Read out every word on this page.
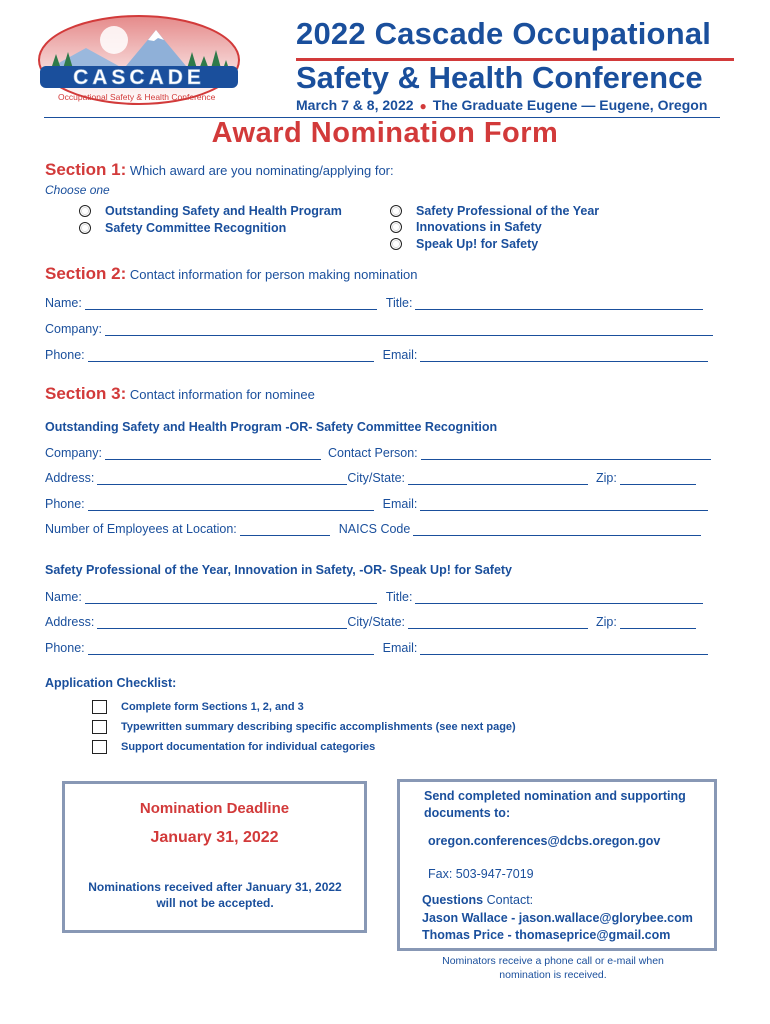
CASCADE
Occupational Safety & Health Conference
2022 Cascade Occupational
Safety & Health Conference
March 7 & 8, 2022 ● The Graduate Eugene — Eugene, Oregon
Award Nomination Form
Section 1: Which award are you nominating/applying for:
Choose one
Outstanding Safety and Health Program
Safety Committee Recognition
Safety Professional of the Year
Innovations in Safety
Speak Up! for Safety
Section 2: Contact information for person making nomination
Name:	Title:
Company:
Phone:	Email:
Section 3: Contact information for nominee
Outstanding Safety and Health Program -OR- Safety Committee Recognition
Company:	Contact Person:
Address:	City/State:	Zip:
Phone:	Email:
Number of Employees at Location:	NAICS Code
Safety Professional of the Year, Innovation in Safety, -OR- Speak Up! for Safety
Name:	Title:
Address:	City/State:	Zip:
Phone:	Email:
Application Checklist:
Complete form Sections 1, 2, and 3
Typewritten summary describing specific accomplishments (see next page)
Support documentation for individual categories
Nomination Deadline
January 31, 2022
Nominations received after January 31, 2022 will not be accepted.
Send completed nomination and supporting documents to:
oregon.conferences@dcbs.oregon.gov
Fax: 503-947-7019
Questions Contact:
Jason Wallace - jason.wallace@glorybee.com
Thomas Price - thomaseprice@gmail.com
Nominators receive a phone call or e-mail when nomination is received.
